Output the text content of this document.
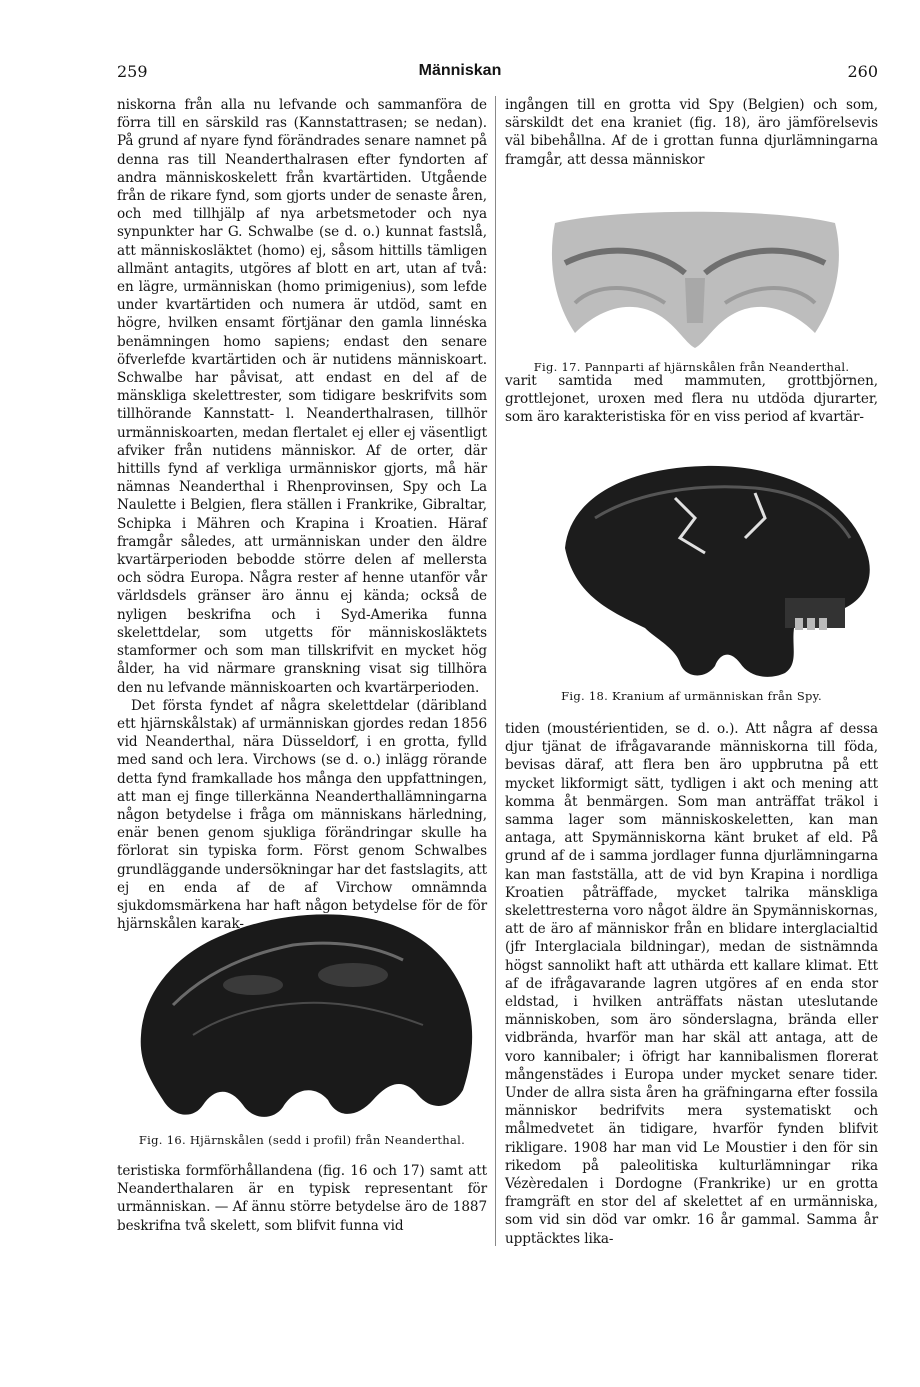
259	Människan	260

niskorna från alla nu lefvande och sammanföra de förra till en särskild ras (Kannstattrasen; se nedan). På grund af nyare fynd förändrades senare namnet på denna ras till Neanderthalrasen efter fyndorten af andra människoskelett från kvartärtiden. Utgående från de rikare fynd, som gjorts under de senaste åren, och med tillhjälp af nya arbetsmetoder och nya synpunkter har G. Schwalbe (se d. o.) kunnat fastslå, att människosläktet (homo) ej, såsom hittills tämligen allmänt antagits, utgöres af blott en art, utan af två: en lägre, urmänniskan (homo primigenius), som lefde under kvartärtiden och numera är utdöd, samt en högre, hvilken ensamt förtjänar den gamla linnéska benämningen homo sapiens; endast den senare öfverlefde kvartärtiden och är nutidens människoart. Schwalbe har påvisat, att endast en del af de mänskliga skelettrester, som tidigare beskrifvits som tillhörande Kannstatt- l. Neanderthalrasen, tillhör urmänniskoarten, medan flertalet ej eller ej väsentligt afviker från nutidens människor. Af de orter, där hittills fynd af verkliga urmänniskor gjorts, må här nämnas Neanderthal i Rhenprovinsen, Spy och La Naulette i Belgien, flera ställen i Frankrike, Gibraltar, Schipka i Mähren och Krapina i Kroatien. Häraf framgår således, att urmänniskan under den äldre kvartärperioden bebodde större delen af mellersta och södra Europa. Några rester af henne utanför vår världsdels gränser äro ännu ej kända; också de nyligen beskrifna och i Syd-Amerika funna skelettdelar, som utgetts för människosläktets stamformer och som man tillskrifvit en mycket hög ålder, ha vid närmare granskning visat sig tillhöra den nu lefvande människoarten och kvartärperioden.

Det första fyndet af några skelettdelar (däribland ett hjärnskålstak) af urmänniskan gjordes redan 1856 vid Neanderthal, nära Düsseldorf, i en grotta, fylld med sand och lera. Virchows (se d. o.) inlägg rörande detta fynd framkallade hos många den uppfattningen, att man ej finge tillerkänna Neanderthallämningarna någon betydelse i fråga om människans härledning, enär benen genom sjukliga förändringar skulle ha förlorat sin typiska form. Först genom Schwalbes grundläggande undersökningar har det fastslagits, att ej en enda af de af Virchow omnämnda sjukdomsmärkena har haft någon betydelse för de för hjärnskålen karak-

Fig. 16. Hjärnskålen (sedd i profil) från Neanderthal.

teristiska formförhållandena (fig. 16 och 17) samt att Neanderthalaren är en typisk representant för urmänniskan. — Af ännu större betydelse äro de 1887 beskrifna två skelett, som blifvit funna vid

ingången till en grotta vid Spy (Belgien) och som, särskildt det ena kraniet (fig. 18), äro jämförelsevis väl bibehållna. Af de i grottan funna djurlämningarna framgår, att dessa människor

Fig. 17. Pannparti af hjärnskålen från Neanderthal.

varit samtida med mammuten, grottbjörnen, grottlejonet, uroxen med flera nu utdöda djurarter, som äro karakteristiska för en viss period af kvartär-

Fig. 18. Kranium af urmänniskan från Spy.

tiden (moustérientiden, se d. o.). Att några af dessa djur tjänat de ifrågavarande människorna till föda, bevisas däraf, att flera ben äro uppbrutna på ett mycket likformigt sätt, tydligen i akt och mening att komma åt benmärgen. Som man anträffat träkol i samma lager som människoskeletten, kan man antaga, att Spymänniskorna känt bruket af eld. På grund af de i samma jordlager funna djurlämningarna kan man fastställa, att de vid byn Krapina i nordliga Kroatien påträffade, mycket talrika mänskliga skelettresterna voro något äldre än Spymänniskornas, att de äro af människor från en blidare interglacialtid (jfr Interglaciala bildningar), medan de sistnämnda högst sannolikt haft att uthärda ett kallare klimat. Ett af de ifrågavarande lagren utgöres af en enda stor eldstad, i hvilken anträffats nästan uteslutande människoben, som äro sönderslagna, brända eller vidbrända, hvarför man har skäl att antaga, att de voro kannibaler; i öfrigt har kannibalismen florerat mångenstädes i Europa under mycket senare tider. Under de allra sista åren ha gräfningarna efter fossila människor bedrifvits mera systematiskt och målmedvetet än tidigare, hvarför fynden blifvit rikligare. 1908 har man vid Le Moustier i den för sin rikedom på paleolitiska kulturlämningar rika Vézèredalen i Dordogne (Frankrike) ur en grotta framgräft en stor del af skelettet af en urmänniska, som vid sin död var omkr. 16 år gammal. Samma år upptäcktes lika-
